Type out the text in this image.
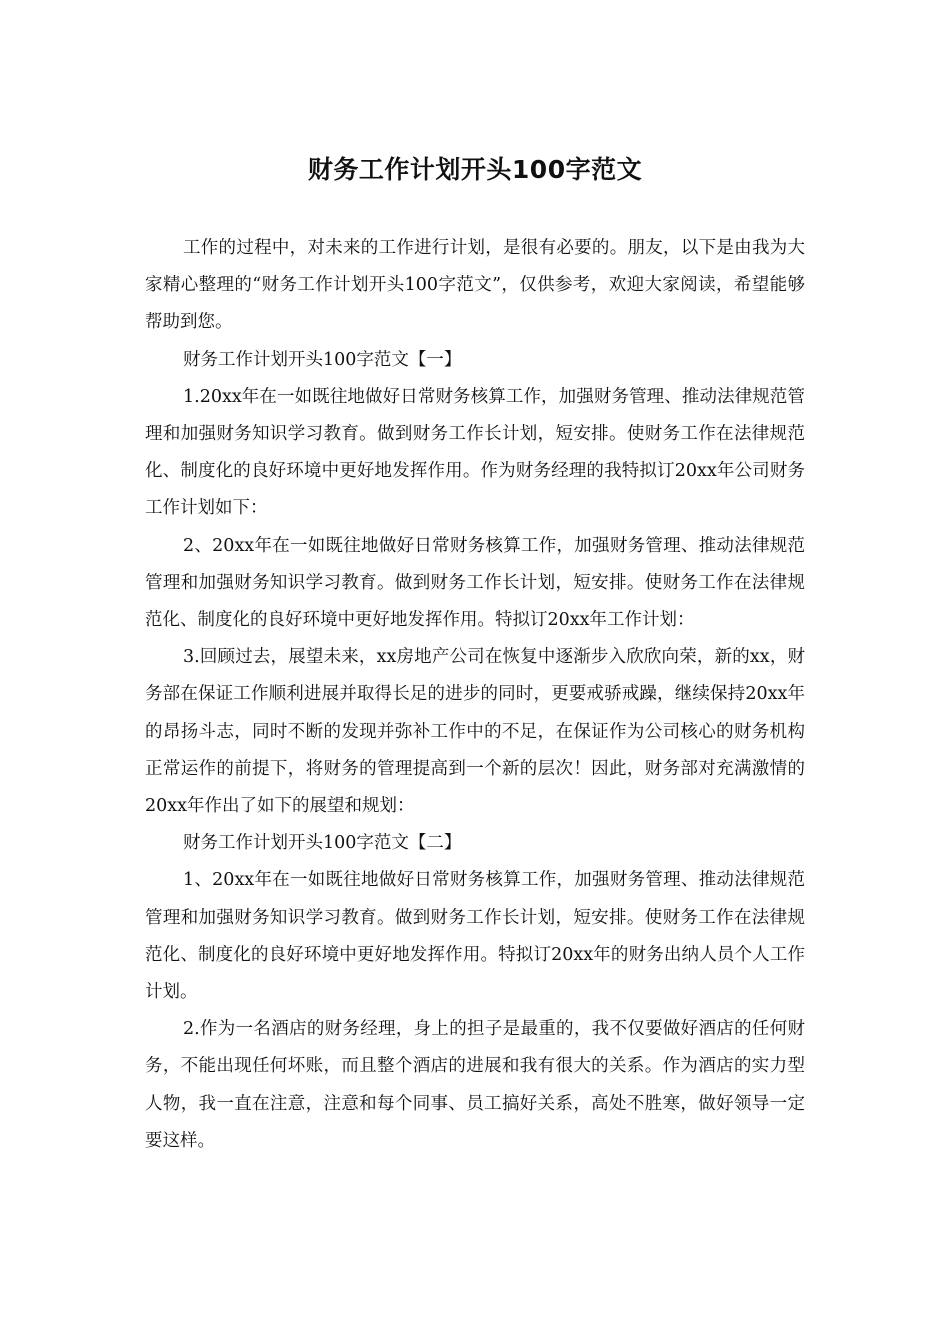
财务工作计划开头100字范文

工作的过程中，对未来的工作进行计划，是很有必要的。朋友，以下是由我为大家精心整理的“财务工作计划开头100字范文”，仅供参考，欢迎大家阅读，希望能够帮助到您。

财务工作计划开头100字范文【一】

1.20xx年在一如既往地做好日常财务核算工作，加强财务管理、推动法律规范管理和加强财务知识学习教育。做到财务工作长计划，短安排。使财务工作在法律规范化、制度化的良好环境中更好地发挥作用。作为财务经理的我特拟订20xx年公司财务工作计划如下：

2、20xx年在一如既往地做好日常财务核算工作，加强财务管理、推动法律规范管理和加强财务知识学习教育。做到财务工作长计划，短安排。使财务工作在法律规范化、制度化的良好环境中更好地发挥作用。特拟订20xx年工作计划：

3.回顾过去，展望未来，xx房地产公司在恢复中逐渐步入欣欣向荣，新的xx，财务部在保证工作顺利进展并取得长足的进步的同时，更要戒骄戒躁，继续保持20xx年的昂扬斗志，同时不断的发现并弥补工作中的不足，在保证作为公司核心的财务机构正常运作的前提下，将财务的管理提高到一个新的层次！因此，财务部对充满激情的20xx年作出了如下的展望和规划：

财务工作计划开头100字范文【二】

1、20xx年在一如既往地做好日常财务核算工作，加强财务管理、推动法律规范管理和加强财务知识学习教育。做到财务工作长计划，短安排。使财务工作在法律规范化、制度化的良好环境中更好地发挥作用。特拟订20xx年的财务出纳人员个人工作计划。

2.作为一名酒店的财务经理，身上的担子是最重的，我不仅要做好酒店的任何财务，不能出现任何坏账，而且整个酒店的进展和我有很大的关系。作为酒店的实力型人物，我一直在注意，注意和每个同事、员工搞好关系，高处不胜寒，做好领导一定要这样。
